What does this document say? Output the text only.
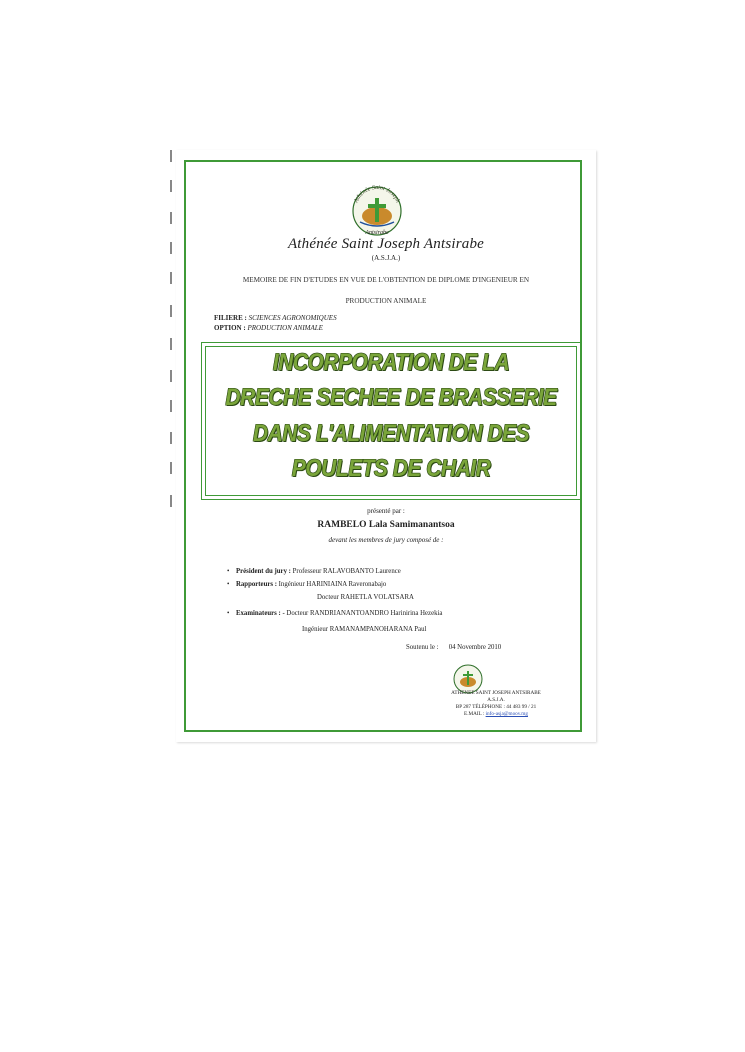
Athénée Saint Joseph
Antsirabe
Athénée Saint Joseph Antsirabe
(A.S.J.A.)
MEMOIRE DE FIN D'ETUDES EN VUE DE L'OBTENTION DE DIPLOME D'INGENIEUR EN
PRODUCTION ANIMALE
FILIERE : SCIENCES AGRONOMIQUES
OPTION : PRODUCTION ANIMALE
INCORPORATION DE LA
DRECHE SECHEE DE BRASSERIE
DANS L'ALIMENTATION DES
POULETS DE CHAIR
présenté par :
RAMBELO Lala Samimanantsoa
devant les membres de jury composé de :
• Président du jury : Professeur RALAVOBANTO Laurence
• Rapporteurs : Ingénieur HARINIAINA Raveronabajo
Docteur RAHETLA VOLATSARA
• Examinateurs : - Docteur RANDRIANANTOANDRO Harinirina Hezekia
Ingénieur RAMANAMPANOHARANA Paul
Soutenu le : 04 Novembre 2010
ATHENEE SAINT JOSEPH ANTSIRABE
A.S.J.A.
BP 287 TÉLÉPHONE : 44 483 99 / 21
E.MAIL : info-asja@moov.mg
